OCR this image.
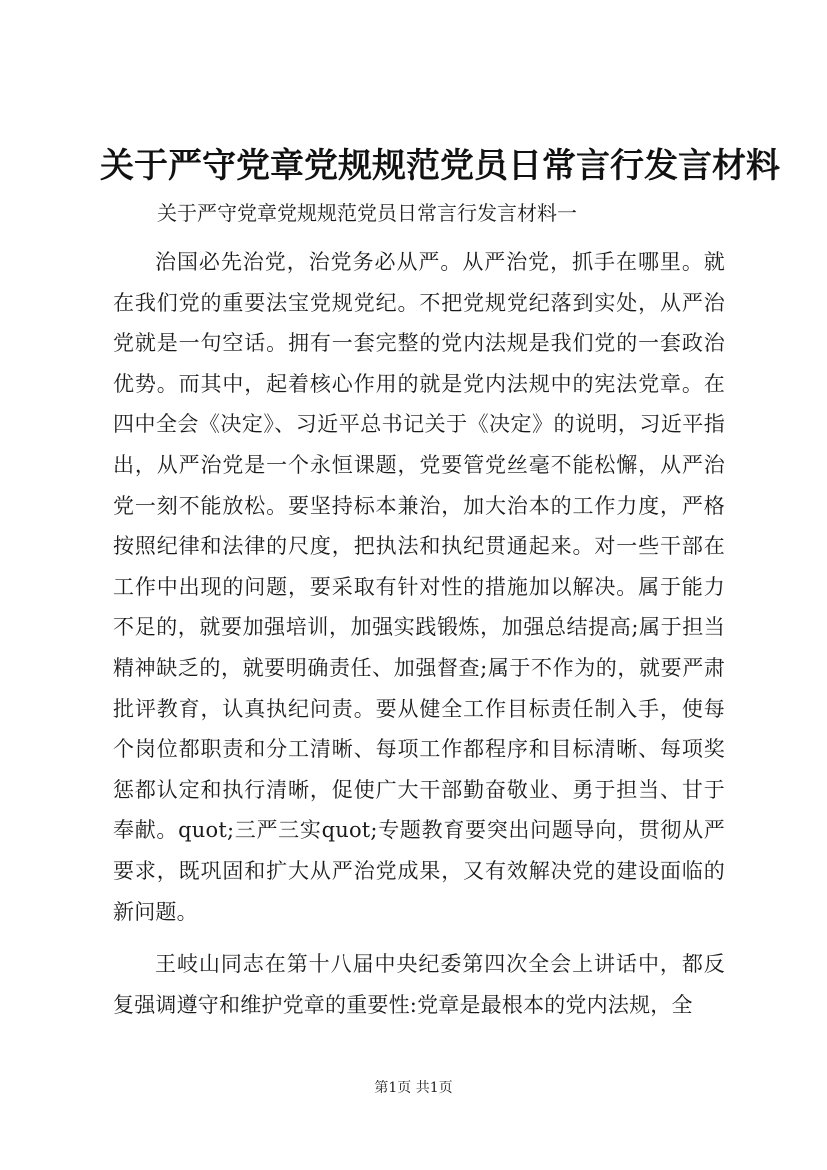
关于严守党章党规规范党员日常言行发言材料

关于严守党章党规规范党员日常言行发言材料一

治国必先治党，治党务必从严。从严治党，抓手在哪里。就在我们党的重要法宝党规党纪。不把党规党纪落到实处，从严治党就是一句空话。拥有一套完整的党内法规是我们党的一套政治优势。而其中，起着核心作用的就是党内法规中的宪法党章。在四中全会《决定》、习近平总书记关于《决定》的说明，习近平指出，从严治党是一个永恒课题，党要管党丝毫不能松懈，从严治党一刻不能放松。要坚持标本兼治，加大治本的工作力度，严格按照纪律和法律的尺度，把执法和执纪贯通起来。对一些干部在工作中出现的问题，要采取有针对性的措施加以解决。属于能力不足的，就要加强培训，加强实践锻炼，加强总结提高;属于担当精神缺乏的，就要明确责任、加强督查;属于不作为的，就要严肃批评教育，认真执纪问责。要从健全工作目标责任制入手，使每个岗位都职责和分工清晰、每项工作都程序和目标清晰、每项奖惩都认定和执行清晰，促使广大干部勤奋敬业、勇于担当、甘于奉献。quot;三严三实quot;专题教育要突出问题导向，贯彻从严要求，既巩固和扩大从严治党成果，又有效解决党的建设面临的新问题。

王岐山同志在第十八届中央纪委第四次全会上讲话中，都反复强调遵守和维护党章的重要性:党章是最根本的党内法规，全

第1页 共1页
